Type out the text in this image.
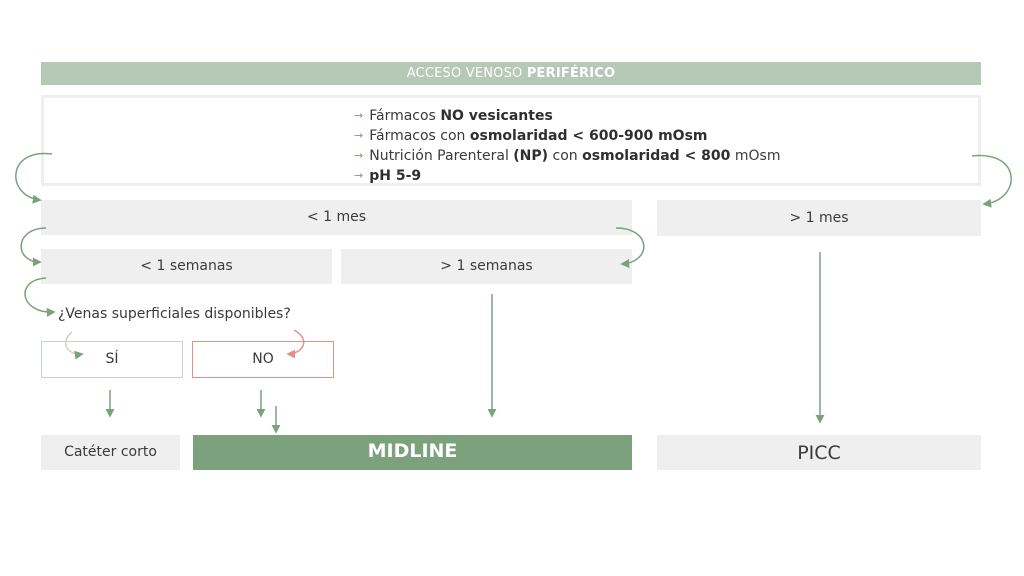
ACCESO VENOSO PERIFÉRICO
→ Fármacos NO vesicantes
→ Fármacos con osmolaridad < 600-900 mOsm
→ Nutrición Parenteral (NP) con osmolaridad < 800 mOsm
→ pH 5-9
< 1 mes	> 1 mes
< 1 semanas	> 1 semanas
¿Venas superficiales disponibles?
SÍ	NO
Catéter corto	MIDLINE	PICC
